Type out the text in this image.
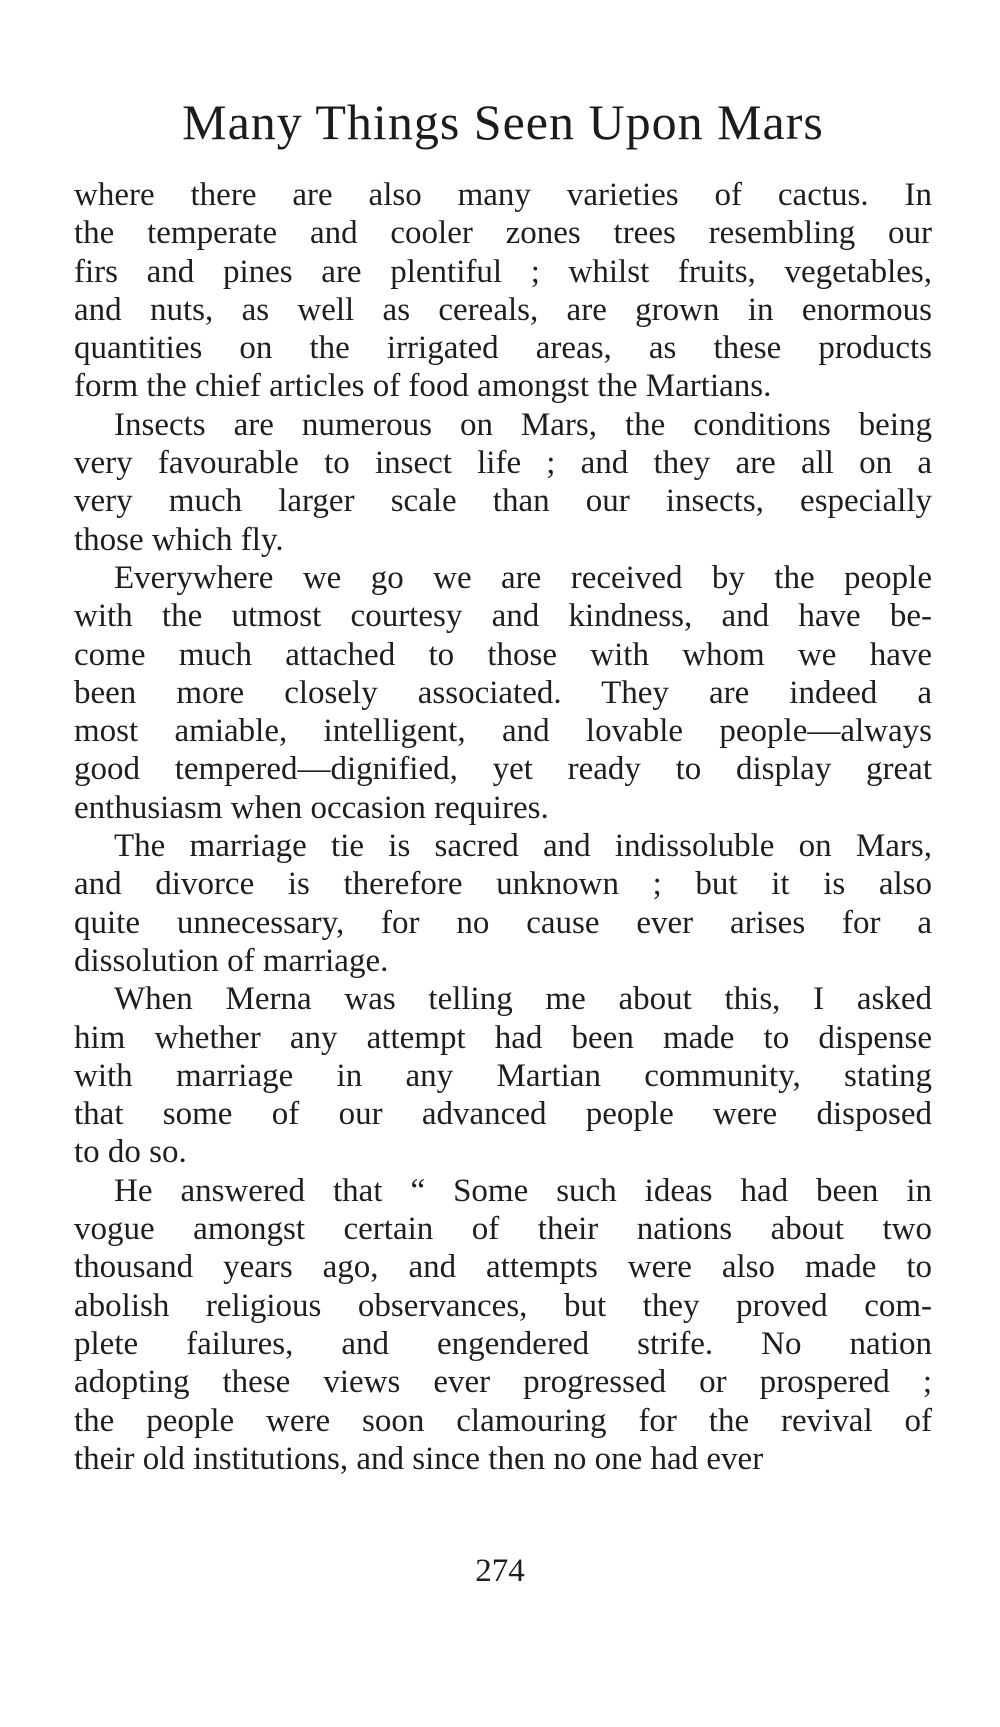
Many Things Seen Upon Mars
where there are also many varieties of cactus. In
the temperate and cooler zones trees resembling our
firs and pines are plentiful ; whilst fruits, vegetables,
and nuts, as well as cereals, are grown in enormous
quantities on the irrigated areas, as these products
form the chief articles of food amongst the Martians.
Insects are numerous on Mars, the conditions being
very favourable to insect life ; and they are all on a
very much larger scale than our insects, especially
those which fly.
Everywhere we go we are received by the people
with the utmost courtesy and kindness, and have be-
come much attached to those with whom we have
been more closely associated. They are indeed a
most amiable, intelligent, and lovable people—always
good tempered—dignified, yet ready to display great
enthusiasm when occasion requires.
The marriage tie is sacred and indissoluble on Mars,
and divorce is therefore unknown ; but it is also
quite unnecessary, for no cause ever arises for a
dissolution of marriage.
When Merna was telling me about this, I asked
him whether any attempt had been made to dispense
with marriage in any Martian community, stating
that some of our advanced people were disposed
to do so.
He answered that “ Some such ideas had been in
vogue amongst certain of their nations about two
thousand years ago, and attempts were also made to
abolish religious observances, but they proved com-
plete failures, and engendered strife. No nation
adopting these views ever progressed or prospered ;
the people were soon clamouring for the revival of
their old institutions, and since then no one had ever
274
